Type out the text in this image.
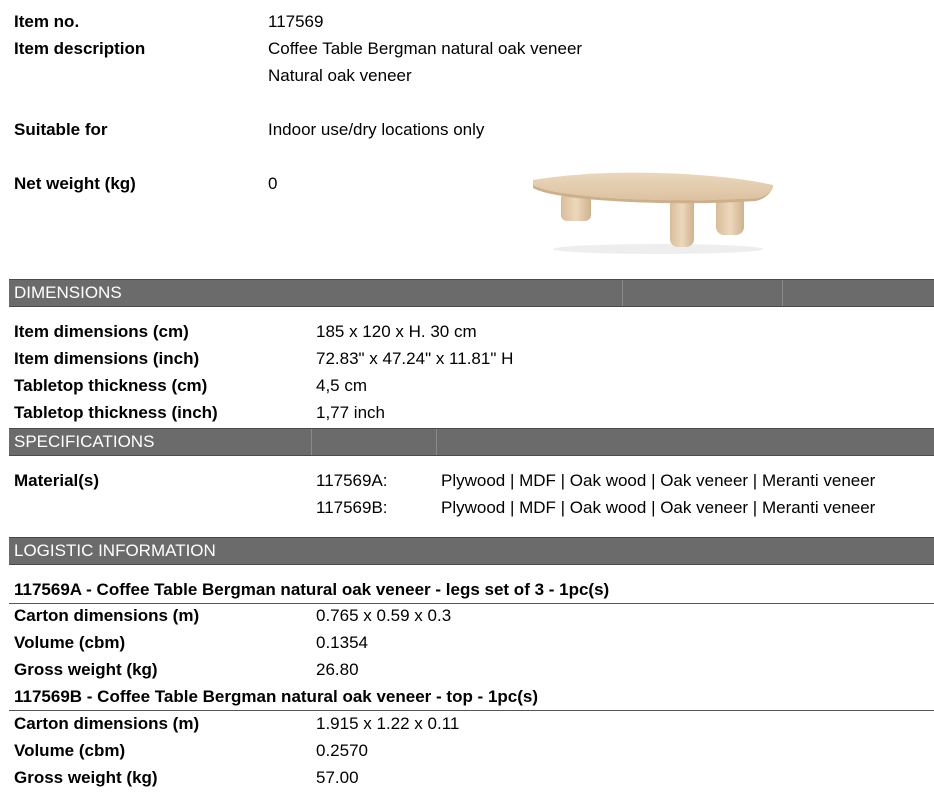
Item no.	117569
Item description	Coffee Table Bergman natural oak veneer
Natural oak veneer
Suitable for	Indoor use/dry locations only
Net weight (kg)	0
DIMENSIONS
Item dimensions (cm)	185 x 120 x H. 30 cm
Item dimensions (inch)	72.83" x 47.24" x 11.81" H
Tabletop thickness (cm)	4,5 cm
Tabletop thickness (inch)	1,77 inch
SPECIFICATIONS
Material(s)	117569A:	Plywood | MDF | Oak wood | Oak veneer | Meranti veneer
117569B:	Plywood | MDF | Oak wood | Oak veneer | Meranti veneer
LOGISTIC INFORMATION
117569A - Coffee Table Bergman natural oak veneer - legs set of 3 - 1pc(s)
Carton dimensions (m)	0.765 x 0.59 x 0.3
Volume (cbm)	0.1354
Gross weight (kg)	26.80
117569B - Coffee Table Bergman natural oak veneer - top - 1pc(s)
Carton dimensions (m)	1.915 x 1.22 x 0.11
Volume (cbm)	0.2570
Gross weight (kg)	57.00
